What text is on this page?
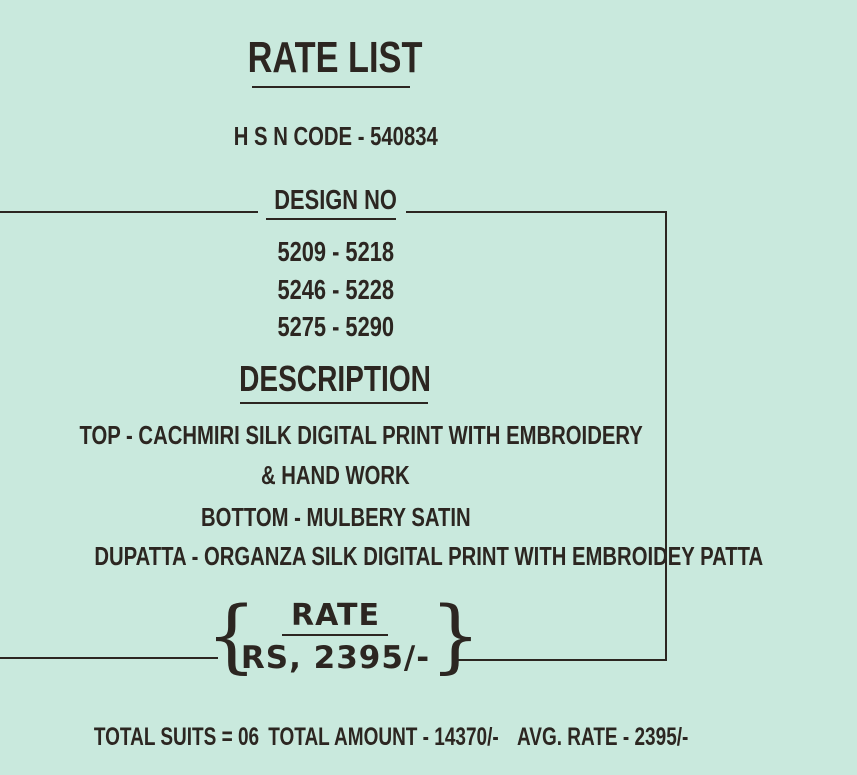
RATE LIST
H S N CODE - 540834
DESIGN NO
5209 - 5218
5246 - 5228
5275 - 5290
DESCRIPTION
TOP - CACHMIRI SILK DIGITAL PRINT WITH EMBROIDERY
& HAND WORK
BOTTOM - MULBERY SATIN
DUPATTA - ORGANZA SILK DIGITAL PRINT WITH EMBROIDEY PATTA
{ }
RATE
RS, 2395/-
TOTAL SUITS = 06 TOTAL AMOUNT - 14370/- AVG. RATE - 2395/-
